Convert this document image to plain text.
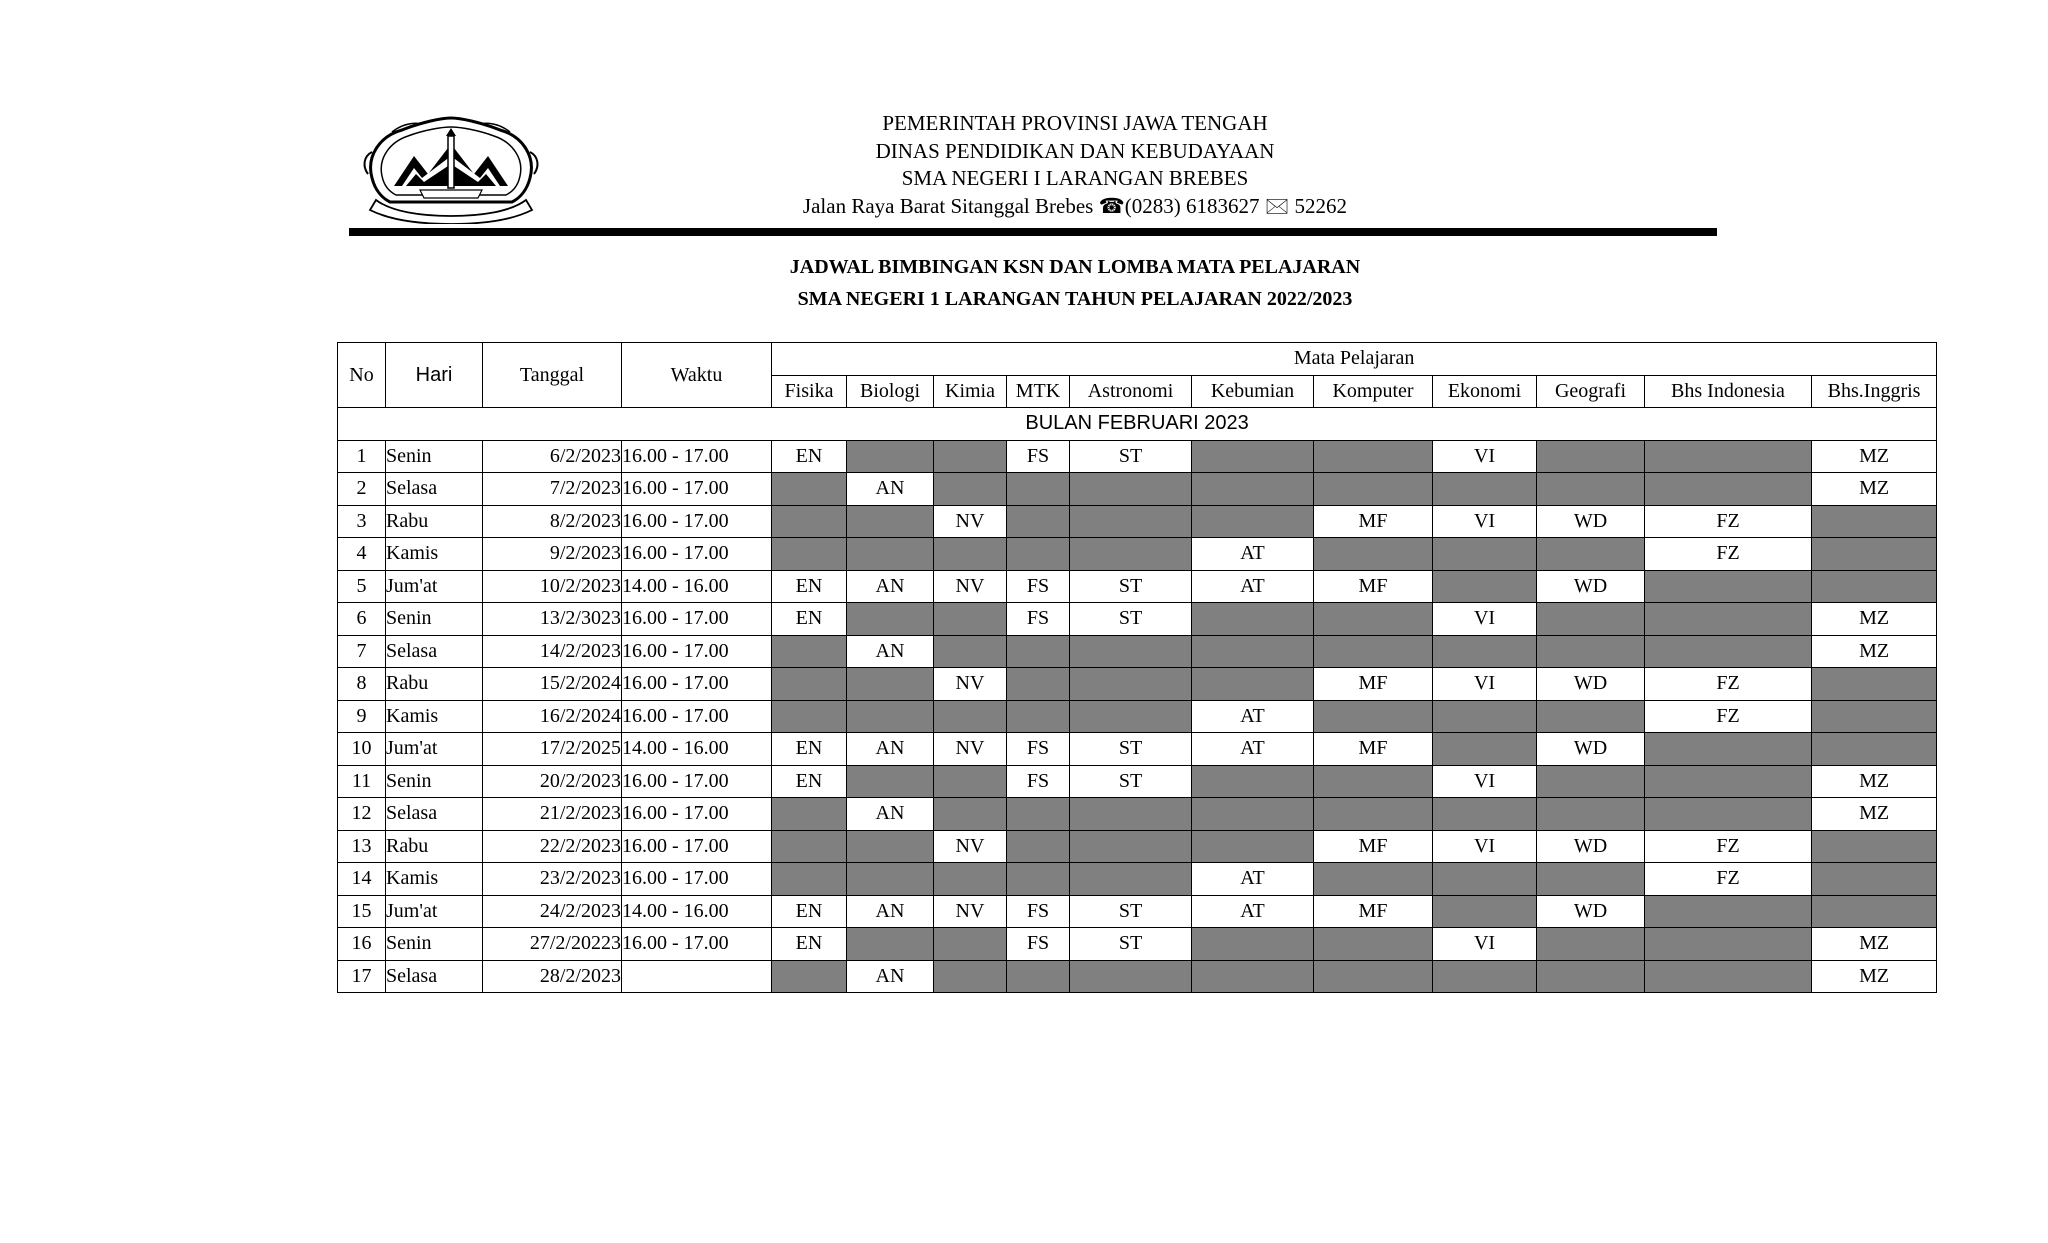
PEMERINTAH PROVINSI JAWA TENGAH
DINAS PENDIDIKAN DAN KEBUDAYAAN
SMA NEGERI I LARANGAN BREBES
Jalan Raya Barat Sitanggal Brebes ☎(0283) 6183627 🖂 52262
JADWAL BIMBINGAN KSN DAN LOMBA MATA PELAJARAN
SMA NEGERI 1 LARANGAN TAHUN PELAJARAN 2022/2023
No	Hari	Tanggal	Waktu	Mata Pelajaran										
				Fisika	Biologi	Kimia	MTK	Astronomi	Kebumian	Komputer	Ekonomi	Geografi	Bhs Indonesia	Bhs.Inggris
BULAN FEBRUARI 2023														
1	Senin	6/2/2023	16.00 - 17.00	EN			FS	ST			VI			MZ
2	Selasa	7/2/2023	16.00 - 17.00		AN									MZ
3	Rabu	8/2/2023	16.00 - 17.00			NV				MF	VI	WD	FZ	
4	Kamis	9/2/2023	16.00 - 17.00						AT				FZ	
5	Jum'at	10/2/2023	14.00 - 16.00	EN	AN	NV	FS	ST	AT	MF		WD		
6	Senin	13/2/3023	16.00 - 17.00	EN			FS	ST			VI			MZ
7	Selasa	14/2/2023	16.00 - 17.00		AN									MZ
8	Rabu	15/2/2024	16.00 - 17.00			NV				MF	VI	WD	FZ	
9	Kamis	16/2/2024	16.00 - 17.00						AT				FZ	
10	Jum'at	17/2/2025	14.00 - 16.00	EN	AN	NV	FS	ST	AT	MF		WD		
11	Senin	20/2/2023	16.00 - 17.00	EN			FS	ST			VI			MZ
12	Selasa	21/2/2023	16.00 - 17.00		AN									MZ
13	Rabu	22/2/2023	16.00 - 17.00			NV				MF	VI	WD	FZ	
14	Kamis	23/2/2023	16.00 - 17.00						AT				FZ	
15	Jum'at	24/2/2023	14.00 - 16.00	EN	AN	NV	FS	ST	AT	MF		WD		
16	Senin	27/2/20223	16.00 - 17.00	EN			FS	ST			VI			MZ
17	Selasa	28/2/2023			AN									MZ
